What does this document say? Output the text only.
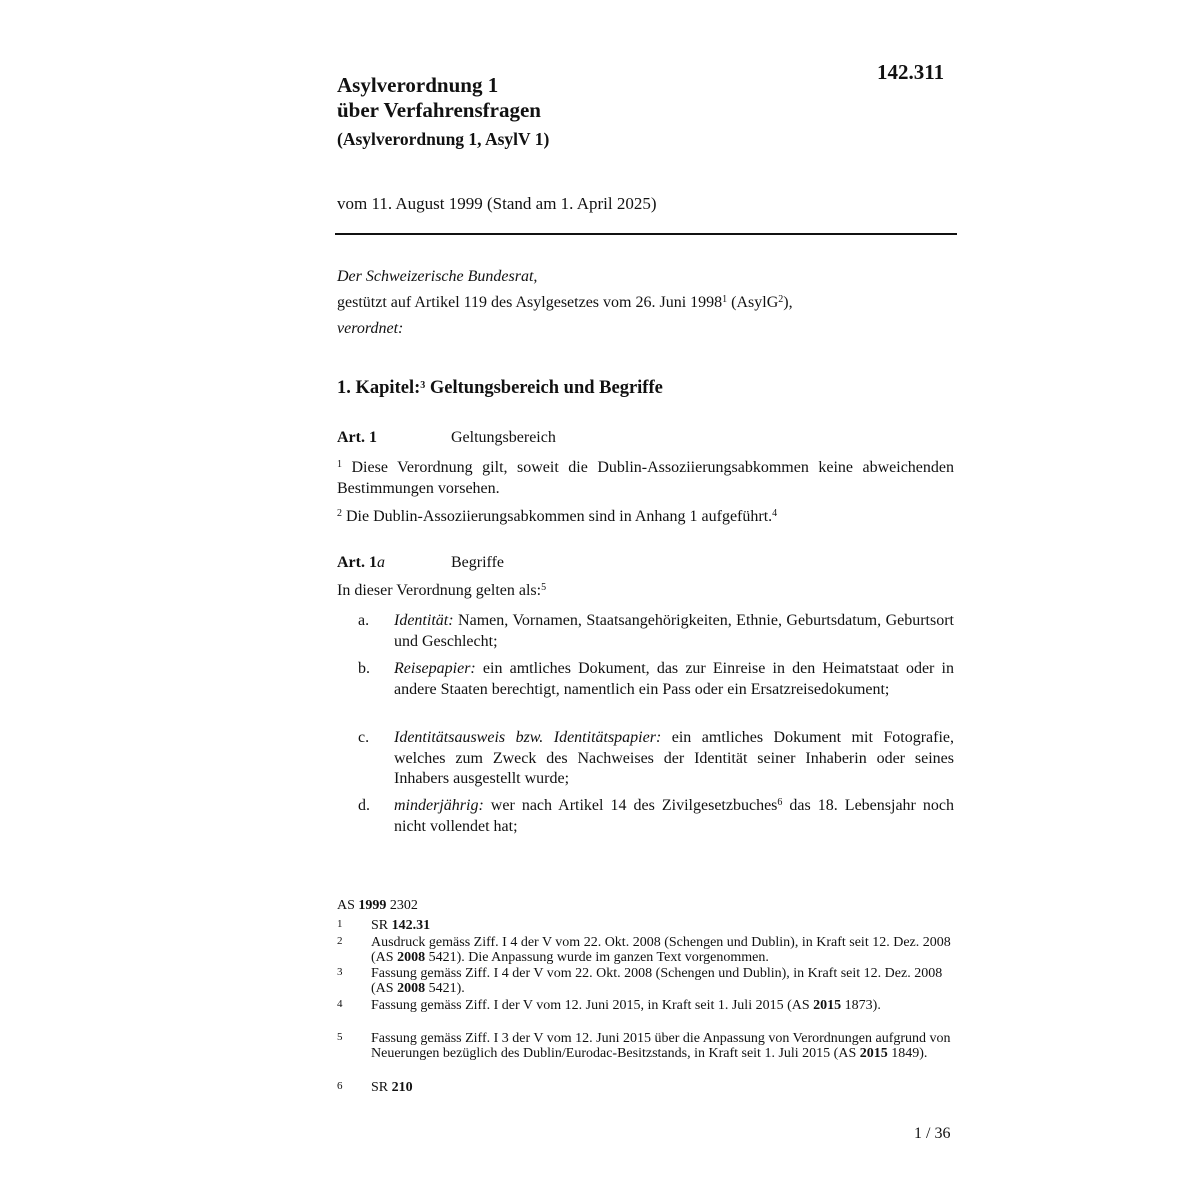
142.311
Asylverordnung 1
über Verfahrensfragen
(Asylverordnung 1, AsylV 1)
vom 11. August 1999 (Stand am 1. April 2025)
Der Schweizerische Bundesrat,
gestützt auf Artikel 119 des Asylgesetzes vom 26. Juni 1998$^1$ (AsylG$^2$),
verordnet:
1. Kapitel:$^3$ Geltungsbereich und Begriffe
Art. 1	Geltungsbereich
$^1$ Diese Verordnung gilt, soweit die Dublin-Assoziierungsabkommen keine abweichenden Bestimmungen vorsehen.
$^2$ Die Dublin-Assoziierungsabkommen sind in Anhang 1 aufgeführt.$^4$
Art. 1a	Begriffe
In dieser Verordnung gelten als:$^5$
a. Identität: Namen, Vornamen, Staatsangehörigkeiten, Ethnie, Geburtsdatum, Geburtsort und Geschlecht;
b. Reisepapier: ein amtliches Dokument, das zur Einreise in den Heimatstaat oder in andere Staaten berechtigt, namentlich ein Pass oder ein Ersatzreisedokument;
c. Identitätsausweis bzw. Identitätspapier: ein amtliches Dokument mit Fotografie, welches zum Zweck des Nachweises der Identität seiner Inhaberin oder seines Inhabers ausgestellt wurde;
d. minderjährig: wer nach Artikel 14 des Zivilgesetzbuches$^6$ das 18. Lebensjahr noch nicht vollendet hat;
AS 1999 2302
1 SR 142.31
2 Ausdruck gemäss Ziff. I 4 der V vom 22. Okt. 2008 (Schengen und Dublin), in Kraft seit 12. Dez. 2008 (AS 2008 5421). Die Anpassung wurde im ganzen Text vorgenommen.
3 Fassung gemäss Ziff. I 4 der V vom 22. Okt. 2008 (Schengen und Dublin), in Kraft seit 12. Dez. 2008 (AS 2008 5421).
4 Fassung gemäss Ziff. I der V vom 12. Juni 2015, in Kraft seit 1. Juli 2015 (AS 2015 1873).
5 Fassung gemäss Ziff. I 3 der V vom 12. Juni 2015 über die Anpassung von Verordnungen aufgrund von Neuerungen bezüglich des Dublin/Eurodac-Besitzstands, in Kraft seit 1. Juli 2015 (AS 2015 1849).
6 SR 210
1 / 36
